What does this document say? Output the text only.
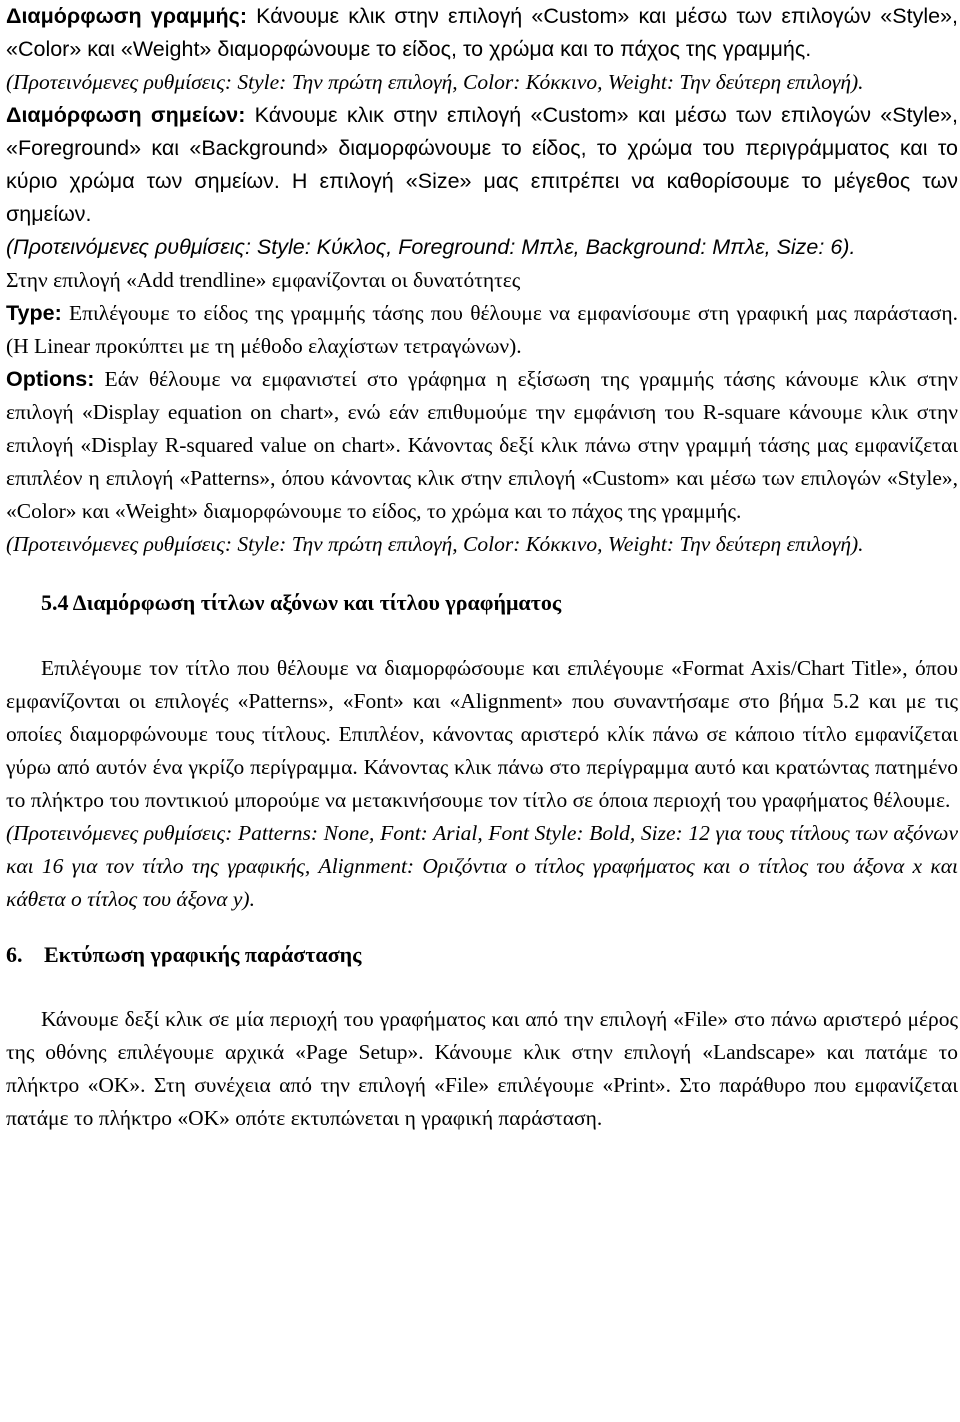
Διαμόρφωση γραμμής: Κάνουμε κλικ στην επιλογή «Custom» και μέσω των επιλογών «Style», «Color» και «Weight» διαμορφώνουμε το είδος, το χρώμα και το πάχος της γραμμής.

(Προτεινόμενες ρυθμίσεις: Style: Την πρώτη επιλογή, Color: Κόκκινο, Weight: Την δεύτερη επιλογή).

Διαμόρφωση σημείων: Κάνουμε κλικ στην επιλογή «Custom» και μέσω των επιλογών «Style», «Foreground» και «Background» διαμορφώνουμε το είδος, το χρώμα του περιγράμματος και το κύριο χρώμα των σημείων. Η επιλογή «Size» μας επιτρέπει να καθορίσουμε το μέγεθος των σημείων.

(Προτεινόμενες ρυθμίσεις: Style: Κύκλος, Foreground: Μπλε, Background: Μπλε, Size: 6).

Στην επιλογή «Add trendline» εμφανίζονται οι δυνατότητες

Type: Επιλέγουμε το είδος της γραμμής τάσης που θέλουμε να εμφανίσουμε στη γραφική μας παράσταση. (Η Linear προκύπτει με τη μέθοδο ελαχίστων τετραγώνων).

Options: Εάν θέλουμε να εμφανιστεί στο γράφημα η εξίσωση της γραμμής τάσης κάνουμε κλικ στην επιλογή «Display equation on chart», ενώ εάν επιθυμούμε την εμφάνιση του R-square κάνουμε κλικ στην επιλογή «Display R-squared value on chart». Κάνοντας δεξί κλικ πάνω στην γραμμή τάσης μας εμφανίζεται επιπλέον η επιλογή «Patterns», όπου κάνοντας κλικ στην επιλογή «Custom» και μέσω των επιλογών «Style», «Color» και «Weight» διαμορφώνουμε το είδος, το χρώμα και το πάχος της γραμμής.

(Προτεινόμενες ρυθμίσεις: Style: Την πρώτη επιλογή, Color: Κόκκινο, Weight: Την δεύτερη επιλογή).

5.4 Διαμόρφωση τίτλων αξόνων και τίτλου γραφήματος

Επιλέγουμε τον τίτλο που θέλουμε να διαμορφώσουμε και επιλέγουμε «Format Axis/Chart Title», όπου εμφανίζονται οι επιλογές «Patterns», «Font» και «Alignment» που συναντήσαμε στο βήμα 5.2 και με τις οποίες διαμορφώνουμε τους τίτλους. Επιπλέον, κάνοντας αριστερό κλίκ πάνω σε κάποιο τίτλο εμφανίζεται γύρω από αυτόν ένα γκρίζο περίγραμμα. Κάνοντας κλικ πάνω στο περίγραμμα αυτό και κρατώντας πατημένο το πλήκτρο του ποντικιού μπορούμε να μετακινήσουμε τον τίτλο σε όποια περιοχή του γραφήματος θέλουμε.

(Προτεινόμενες ρυθμίσεις: Patterns: None, Font: Arial, Font Style: Bold, Size: 12 για τους τίτλους των αξόνων και 16 για τον τίτλο της γραφικής, Alignment: Οριζόντια ο τίτλος γραφήματος και ο τίτλος του άξονα x και κάθετα ο τίτλος του άξονα y).

6. Εκτύπωση γραφικής παράστασης

Κάνουμε δεξί κλικ σε μία περιοχή του γραφήματος και από την επιλογή «File» στο πάνω αριστερό μέρος της οθόνης επιλέγουμε αρχικά «Page Setup». Κάνουμε κλικ στην επιλογή «Landscape» και πατάμε το πλήκτρο «ΟΚ». Στη συνέχεια από την επιλογή «File» επιλέγουμε «Print». Στο παράθυρο που εμφανίζεται πατάμε το πλήκτρο «ΟΚ» οπότε εκτυπώνεται η γραφική παράσταση.
